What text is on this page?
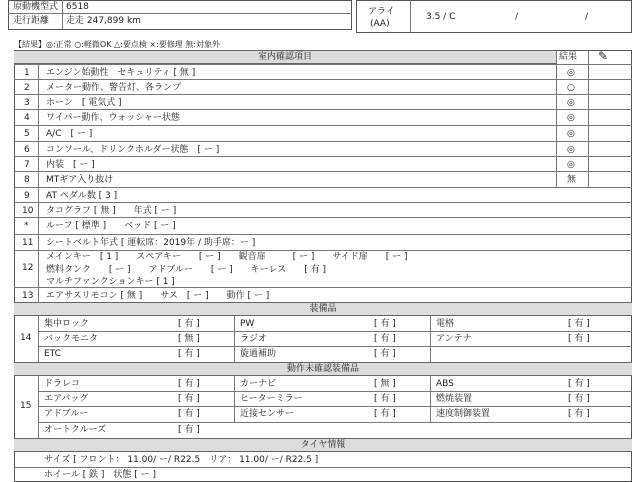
原動機型式 6518
走行距離 走走 247,899 km
アライ
(AA)
3.5 / C	/	/
【結果】◎:正常 ○:軽微OK △:要点検 ×:要修理 無:対象外
室内確認項目	結果 ✎
1 エンジン始動性　セキュリティ [ 無 ]	◎
2 メーター動作、警告灯、各ランプ	○
3 ホーン　[ 電気式 ]	◎
4 ワイパー動作、ウォッシャー状態	◎
5 A/C　[ ー ]	◎
6 コンソール、ドリンクホルダー状態　[ ー ]	◎
7 内装　[ ー ]	◎
8 MTギア入り抜け	無
9 AT ペダル数 [ 3 ]
10 タコグラフ [ 無 ]　　年式 [ ー ]
* ルーフ [ 標準 ]　　ベッド [ ー ]
11 シートベルト年式 [ 運転席：2019年 / 助手席：ー ]
12
メインキー　[ 1 ]　　スペアキー　　[ ー ]　　観音扉　　　[ ー ]　　サイド扉　　[ ー ]
燃料タンク　　[ ー ]　　アドブルー　　[ ー ]　　キーレス　　[ 有 ]
マルチファンクションキー [ 1 ]
13 エアサスリモコン [ 無 ]　　サス　[ ー ]　　動作 [ ー ]
装備品
14
集中ロック	[ 有 ]	PW	[ 有 ]	電格	[ 有 ]
バックモニタ	[ 無 ]	ラジオ	[ 有 ]	アンテナ	[ 有 ]
ETC	[ 有 ]	旋過補助	[ 有 ]
動作未確認装備品
15
ドラレコ	[ 有 ]	カーナビ	[ 無 ]	ABS	[ 有 ]
エアバッグ	[ 有 ]	ヒーターミラー	[ 有 ]	燃焼装置	[ 有 ]
アドブルー	[ 有 ]	近接センサー	[ 有 ]	速度制御装置	[ 有 ]
オートクルーズ	[ 有 ]
タイヤ情報
サイズ [ フロント： 11.00/ ー/ R22.5　リア： 11.00/ ー/ R22.5 ]
ホイール [ 鉄 ]　状態 [ ー ]
